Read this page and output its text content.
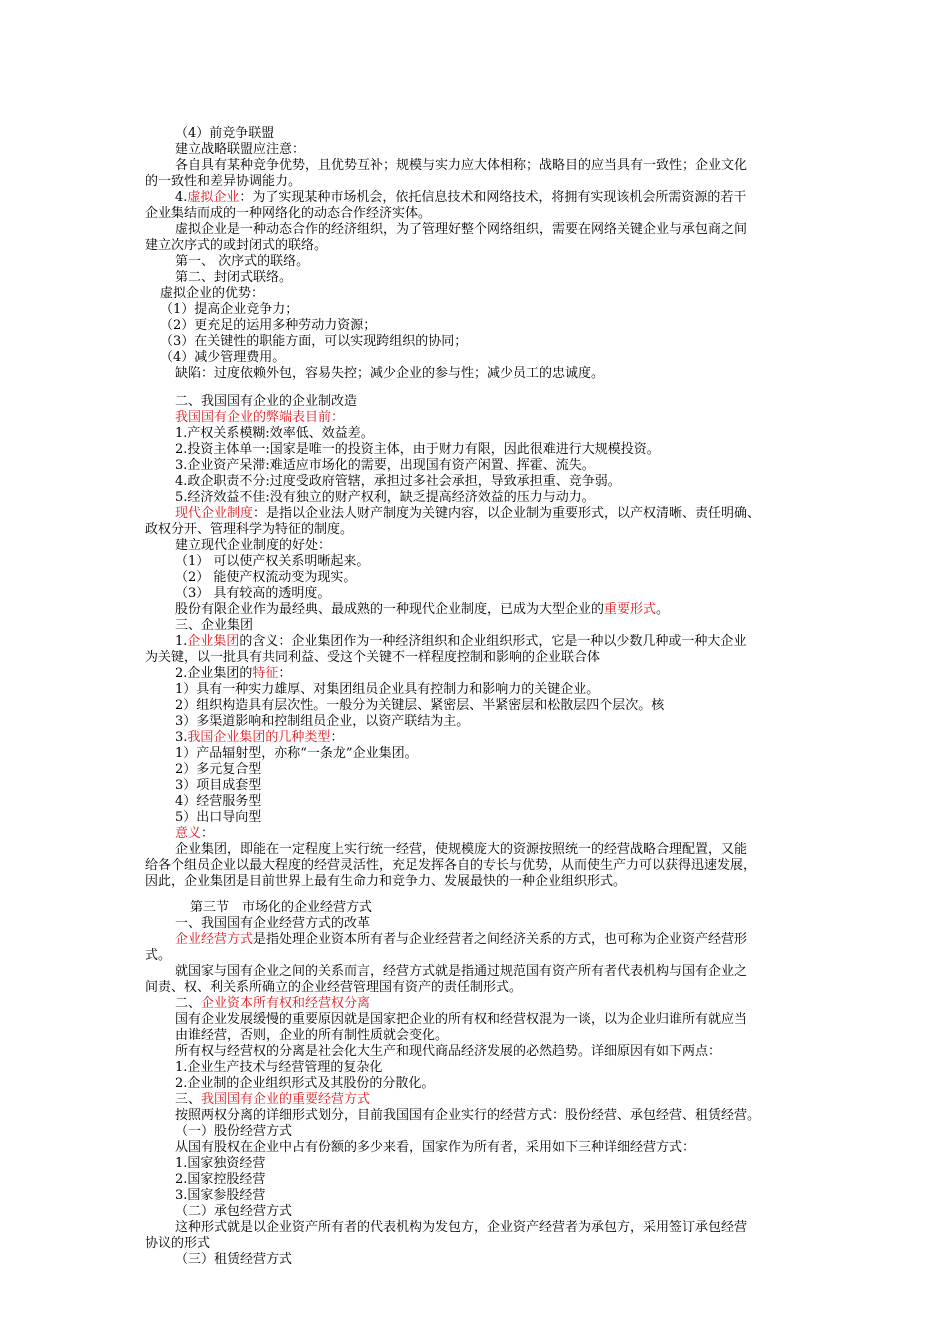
（4）前竞争联盟
建立战略联盟应注意：
各自具有某种竞争优势，且优势互补；规模与实力应大体相称；战略目的应当具有一致性；企业文化
的一致性和差异协调能力。
4.虚拟企业：为了实现某种市场机会，依托信息技术和网络技术，将拥有实现该机会所需资源的若干
企业集结而成的一种网络化的动态合作经济实体。
虚拟企业是一种动态合作的经济组织，为了管理好整个网络组织，需要在网络关键企业与承包商之间
建立次序式的或封闭式的联络。
第一、 次序式的联络。
第二、封闭式联络。
虚拟企业的优势：
（1）提高企业竞争力；
（2）更充足的运用多种劳动力资源；
（3）在关键性的职能方面，可以实现跨组织的协同；
（4）减少管理费用。
缺陷：过度依赖外包，容易失控；减少企业的参与性；减少员工的忠诚度。
二、我国国有企业的企业制改造
我国国有企业的弊端表目前：
1.产权关系模糊:效率低、效益差。
2.投资主体单一:国家是唯一的投资主体，由于财力有限，因此很难进行大规模投资。
3.企业资产呆滞:难适应市场化的需要，出现国有资产闲置、挥霍、流失。
4.政企职责不分:过度受政府管辖，承担过多社会承担，导致承担重、竞争弱。
5.经济效益不佳:没有独立的财产权利，缺乏提高经济效益的压力与动力。
现代企业制度：是指以企业法人财产制度为关键内容，以企业制为重要形式，以产权清晰、责任明确、
政权分开、管理科学为特征的制度。
建立现代企业制度的好处：
（1） 可以使产权关系明晰起来。
（2） 能使产权流动变为现实。
（3） 具有较高的透明度。
股份有限企业作为最经典、最成熟的一种现代企业制度，已成为大型企业的重要形式。
三、企业集团
1.企业集团的含义：企业集团作为一种经济组织和企业组织形式，它是一种以少数几种或一种大企业
为关键，以一批具有共同利益、受这个关键不一样程度控制和影响的企业联合体
2.企业集团的特征：
1）具有一种实力雄厚、对集团组员企业具有控制力和影响力的关键企业。
2）组织构造具有层次性。一般分为关键层、紧密层、半紧密层和松散层四个层次。核
3）多渠道影响和控制组员企业，以资产联结为主。
3.我国企业集团的几种类型：
1）产品辐射型，亦称“一条龙”企业集团。
2）多元复合型
3）项目成套型
4）经营服务型
5）出口导向型
意义：
企业集团，即能在一定程度上实行统一经营，使规模庞大的资源按照统一的经营战略合理配置，又能
给各个组员企业以最大程度的经营灵活性，充足发挥各自的专长与优势，从而使生产力可以获得迅速发展，
因此，企业集团是目前世界上最有生命力和竞争力、发展最快的一种企业组织形式。
第三节　市场化的企业经营方式
一、我国国有企业经营方式的改革
企业经营方式是指处理企业资本所有者与企业经营者之间经济关系的方式，也可称为企业资产经营形
式。
就国家与国有企业之间的关系而言，经营方式就是指通过规范国有资产所有者代表机构与国有企业之
间责、权、利关系所确立的企业经营管理国有资产的责任制形式。
二、企业资本所有权和经营权分离
国有企业发展缓慢的重要原因就是国家把企业的所有权和经营权混为一谈，以为企业归谁所有就应当
由谁经营，否则，企业的所有制性质就会变化。
所有权与经营权的分离是社会化大生产和现代商品经济发展的必然趋势。详细原因有如下两点：
1.企业生产技术与经营管理的复杂化
2.企业制的企业组织形式及其股份的分散化。
三、我国国有企业的重要经营方式
按照两权分离的详细形式划分，目前我国国有企业实行的经营方式：股份经营、承包经营、租赁经营。
（一）股份经营方式
从国有股权在企业中占有份额的多少来看，国家作为所有者，采用如下三种详细经营方式：
1.国家独资经营
2.国家控股经营
3.国家参股经营
（二）承包经营方式
这种形式就是以企业资产所有者的代表机构为发包方，企业资产经营者为承包方，采用签订承包经营
协议的形式
（三）租赁经营方式
